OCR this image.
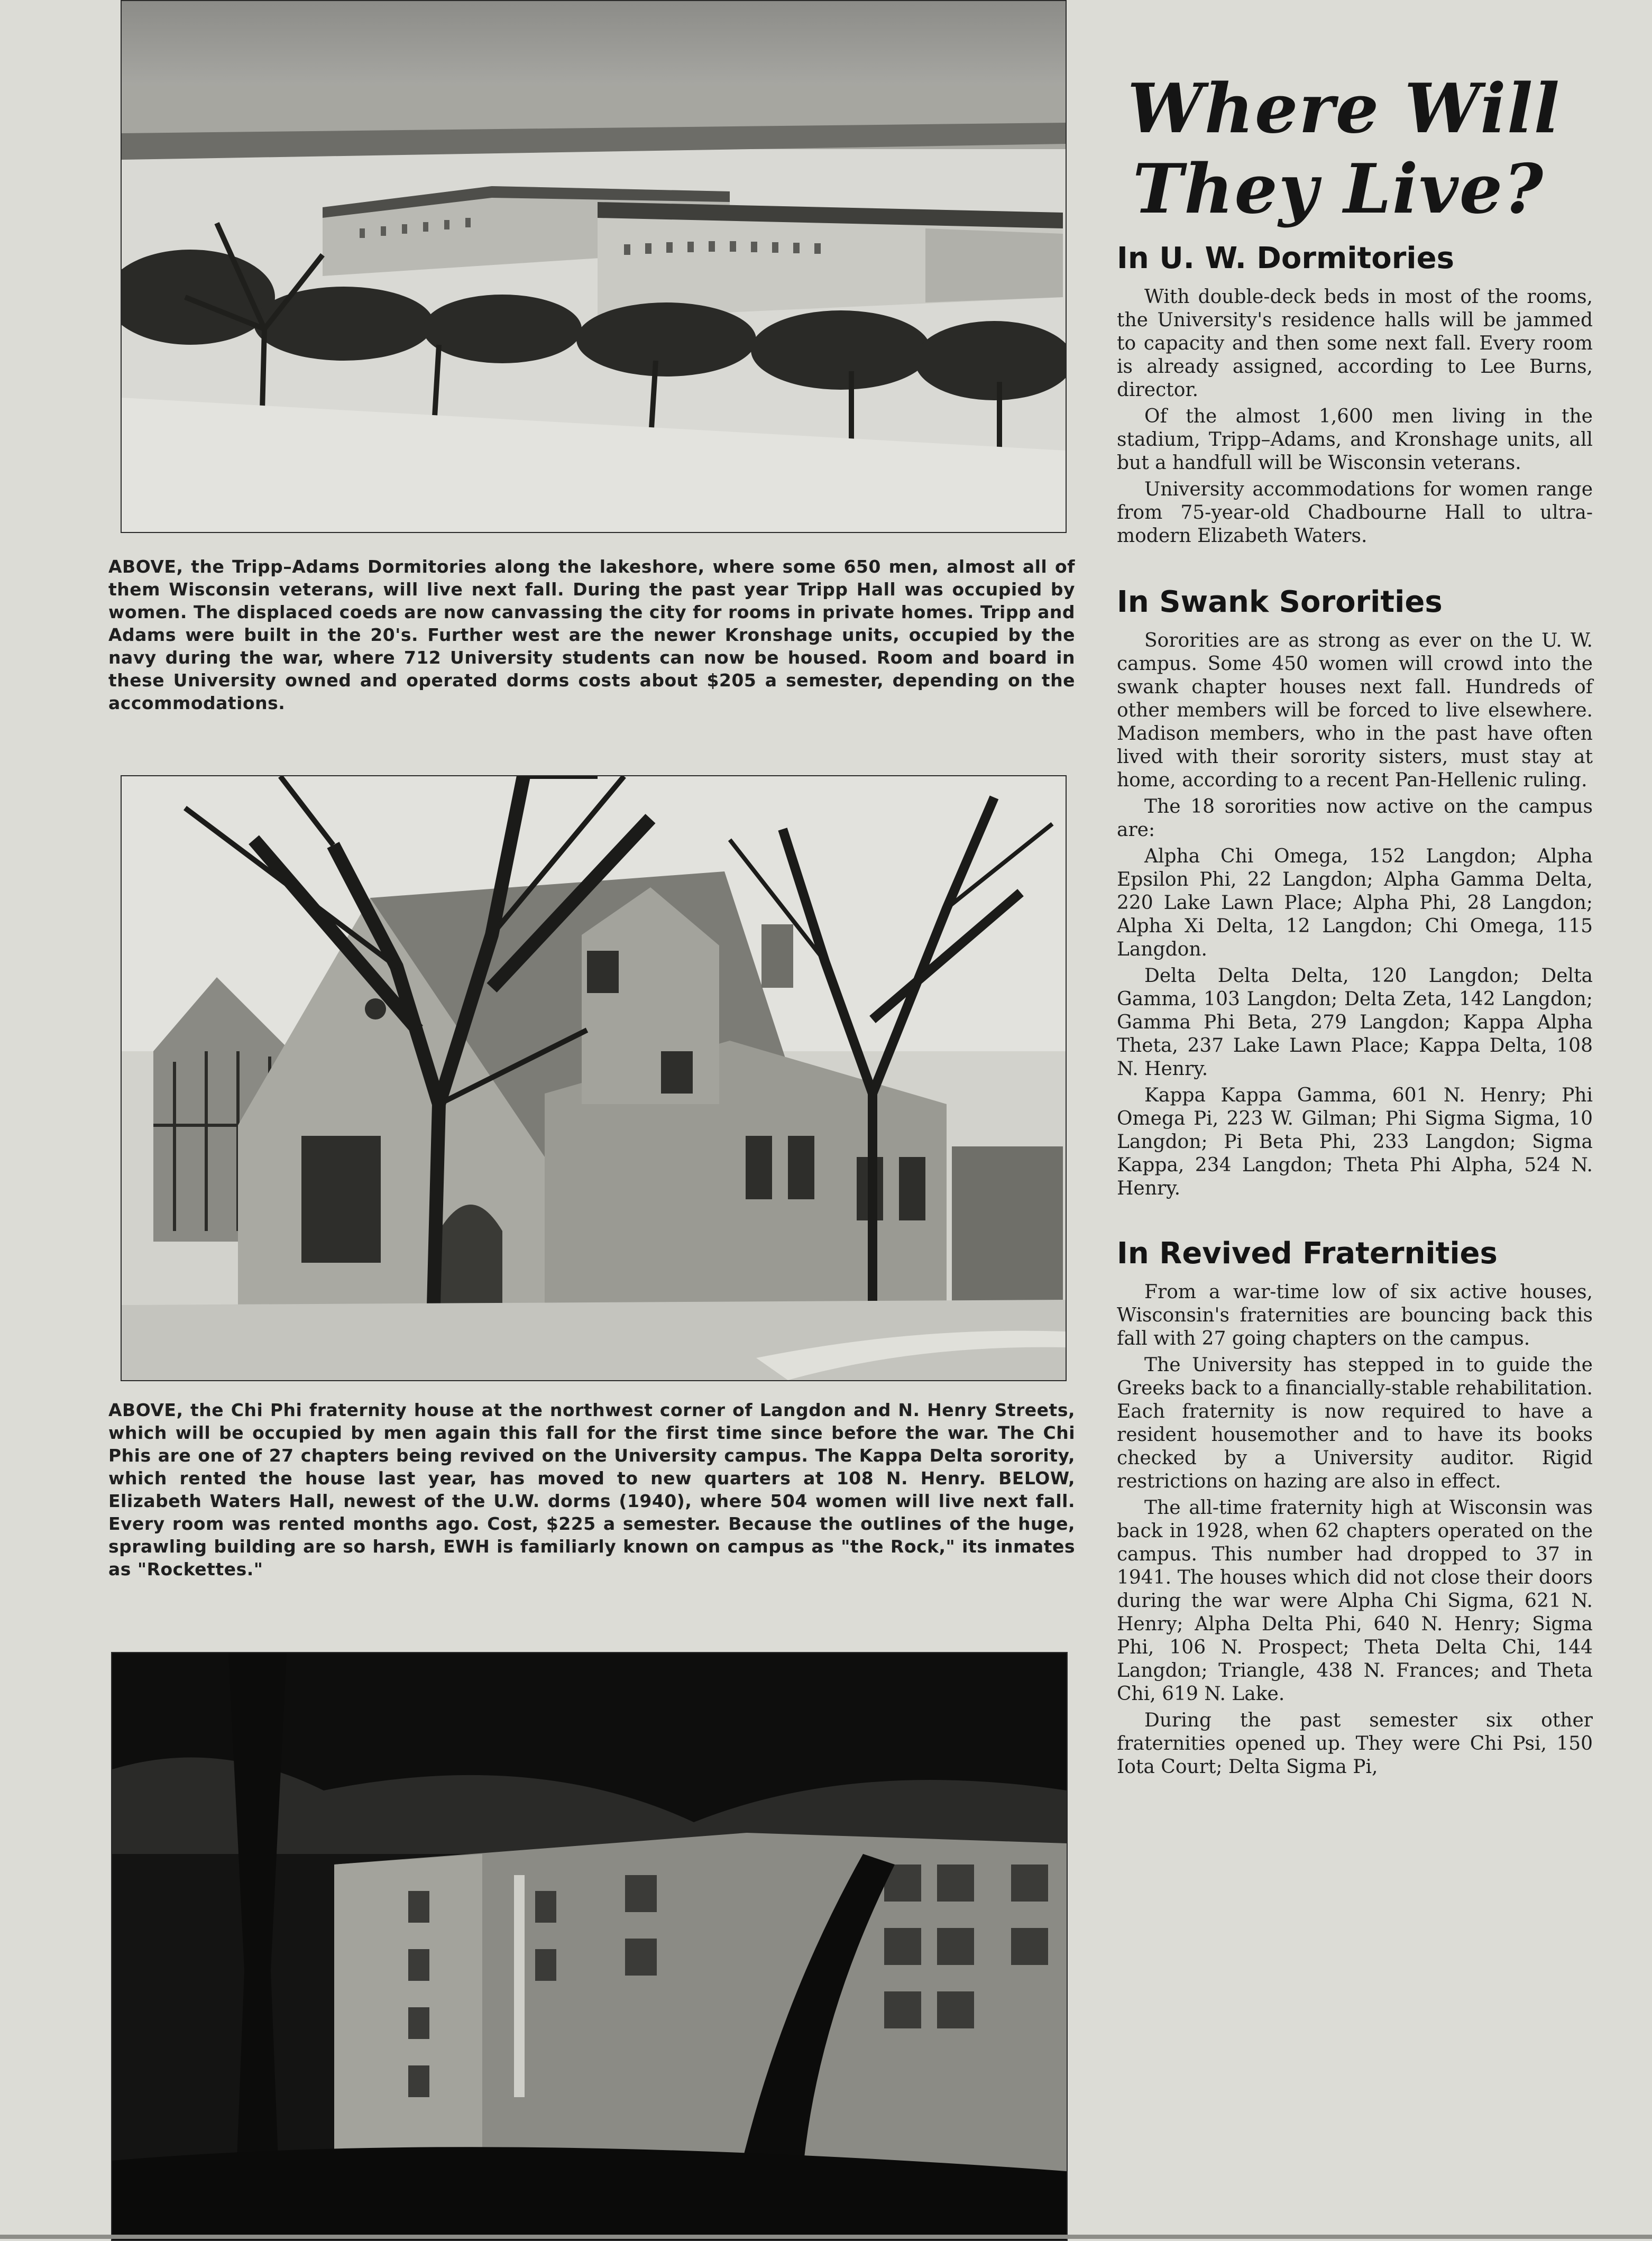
ABOVE, the Tripp–Adams Dormitories along the lakeshore, where some 650 men, almost all of them Wisconsin veterans, will live next fall. During the past year Tripp Hall was occupied by women. The displaced coeds are now canvassing the city for rooms in private homes. Tripp and Adams were built in the 20's. Further west are the newer Kronshage units, occupied by the navy during the war, where 712 University students can now be housed. Room and board in these University owned and operated dorms costs about $205 a semester, depending on the accommodations.

ABOVE, the Chi Phi fraternity house at the northwest corner of Langdon and N. Henry Streets, which will be occupied by men again this fall for the first time since before the war. The Chi Phis are one of 27 chapters being revived on the University campus. The Kappa Delta sorority, which rented the house last year, has moved to new quarters at 108 N. Henry. BELOW, Elizabeth Waters Hall, newest of the U.W. dorms (1940), where 504 women will live next fall. Every room was rented months ago. Cost, $225 a semester. Because the outlines of the huge, sprawling building are so harsh, EWH is familiarly known on campus as "the Rock," its inmates as "Rockettes."

Where Will
They Live?
In U. W. Dormitories

With double-deck beds in most of the rooms, the University's residence halls will be jammed to capacity and then some next fall. Every room is already assigned, according to Lee Burns, director.

Of the almost 1,600 men living in the stadium, Tripp–Adams, and Kronshage units, all but a handfull will be Wisconsin veterans.

University accommodations for women range from 75-year-old Chadbourne Hall to ultra-modern Elizabeth Waters.

In Swank Sororities

Sororities are as strong as ever on the U. W. campus. Some 450 women will crowd into the swank chapter houses next fall. Hundreds of other members will be forced to live elsewhere. Madison members, who in the past have often lived with their sorority sisters, must stay at home, according to a recent Pan-Hellenic ruling.

The 18 sororities now active on the campus are:

Alpha Chi Omega, 152 Langdon; Alpha Epsilon Phi, 22 Langdon; Alpha Gamma Delta, 220 Lake Lawn Place; Alpha Phi, 28 Langdon; Alpha Xi Delta, 12 Langdon; Chi Omega, 115 Langdon.

Delta Delta Delta, 120 Langdon; Delta Gamma, 103 Langdon; Delta Zeta, 142 Langdon; Gamma Phi Beta, 279 Langdon; Kappa Alpha Theta, 237 Lake Lawn Place; Kappa Delta, 108 N. Henry.

Kappa Kappa Gamma, 601 N. Henry; Phi Omega Pi, 223 W. Gilman; Phi Sigma Sigma, 10 Langdon; Pi Beta Phi, 233 Langdon; Sigma Kappa, 234 Langdon; Theta Phi Alpha, 524 N. Henry.

In Revived Fraternities

From a war-time low of six active houses, Wisconsin's fraternities are bouncing back this fall with 27 going chapters on the campus.

The University has stepped in to guide the Greeks back to a financially-stable rehabilitation. Each fraternity is now required to have a resident housemother and to have its books checked by a University auditor. Rigid restrictions on hazing are also in effect.

The all-time fraternity high at Wisconsin was back in 1928, when 62 chapters operated on the campus. This number had dropped to 37 in 1941. The houses which did not close their doors during the war were Alpha Chi Sigma, 621 N. Henry; Alpha Delta Phi, 640 N. Henry; Sigma Phi, 106 N. Prospect; Theta Delta Chi, 144 Langdon; Triangle, 438 N. Frances; and Theta Chi, 619 N. Lake.

During the past semester six other fraternities opened up. They were Chi Psi, 150 Iota Court; Delta Sigma Pi,
